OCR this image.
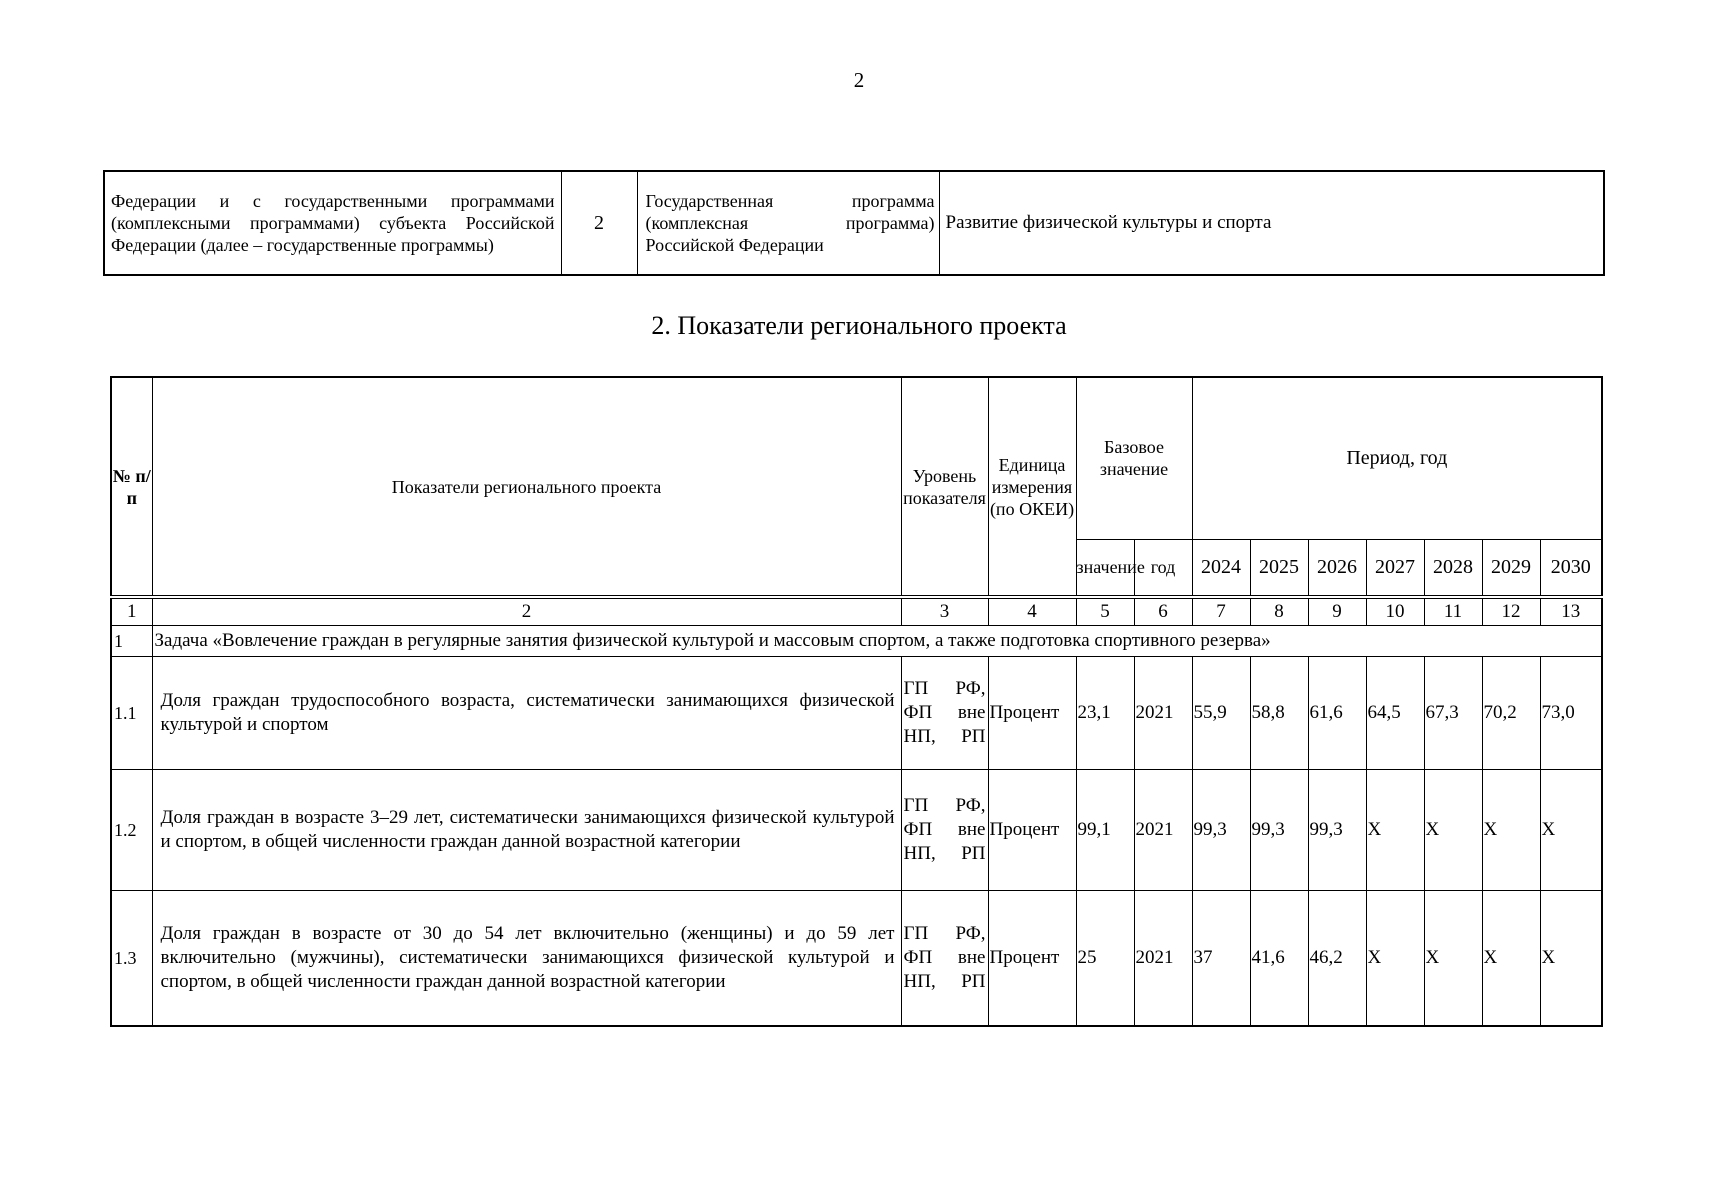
2
Федерации и с государственными программами (комплексными программами) субъекта Российской Федерации (далее – государственные программы)	2	Государственная программа (комплексная программа) Российской Федерации	Развитие физической культуры и спорта
2. Показатели регионального проекта
№ п/п	Показатели регионального проекта	Уровень показателя	Единица измерения (по ОКЕИ)	Базовое значение		Период, год						
				значение	год	2024	2025	2026	2027	2028	2029	2030
1	2	3	4	5	6	7	8	9	10	11	12	13
1	Задача «Вовлечение граждан в регулярные занятия физической культурой и массовым спортом, а также подготовка спортивного резерва»											
1.1	Доля граждан трудоспособного возраста, систематически занимающихся физической культурой и спортом	ГП РФ, ФП вне НП, РП	Процент	23,1	2021	55,9	58,8	61,6	64,5	67,3	70,2	73,0
1.2	Доля граждан в возрасте 3–29 лет, систематически занимающихся физической культурой и спортом, в общей численности граждан данной возрастной категории	ГП РФ, ФП вне НП, РП	Процент	99,1	2021	99,3	99,3	99,3	X	X	X	X
1.3	Доля граждан в возрасте от 30 до 54 лет включительно (женщины) и до 59 лет включительно (мужчины), систематически занимающихся физической культурой и спортом, в общей численности граждан данной возрастной категории	ГП РФ, ФП вне НП, РП	Процент	25	2021	37	41,6	46,2	X	X	X	X
